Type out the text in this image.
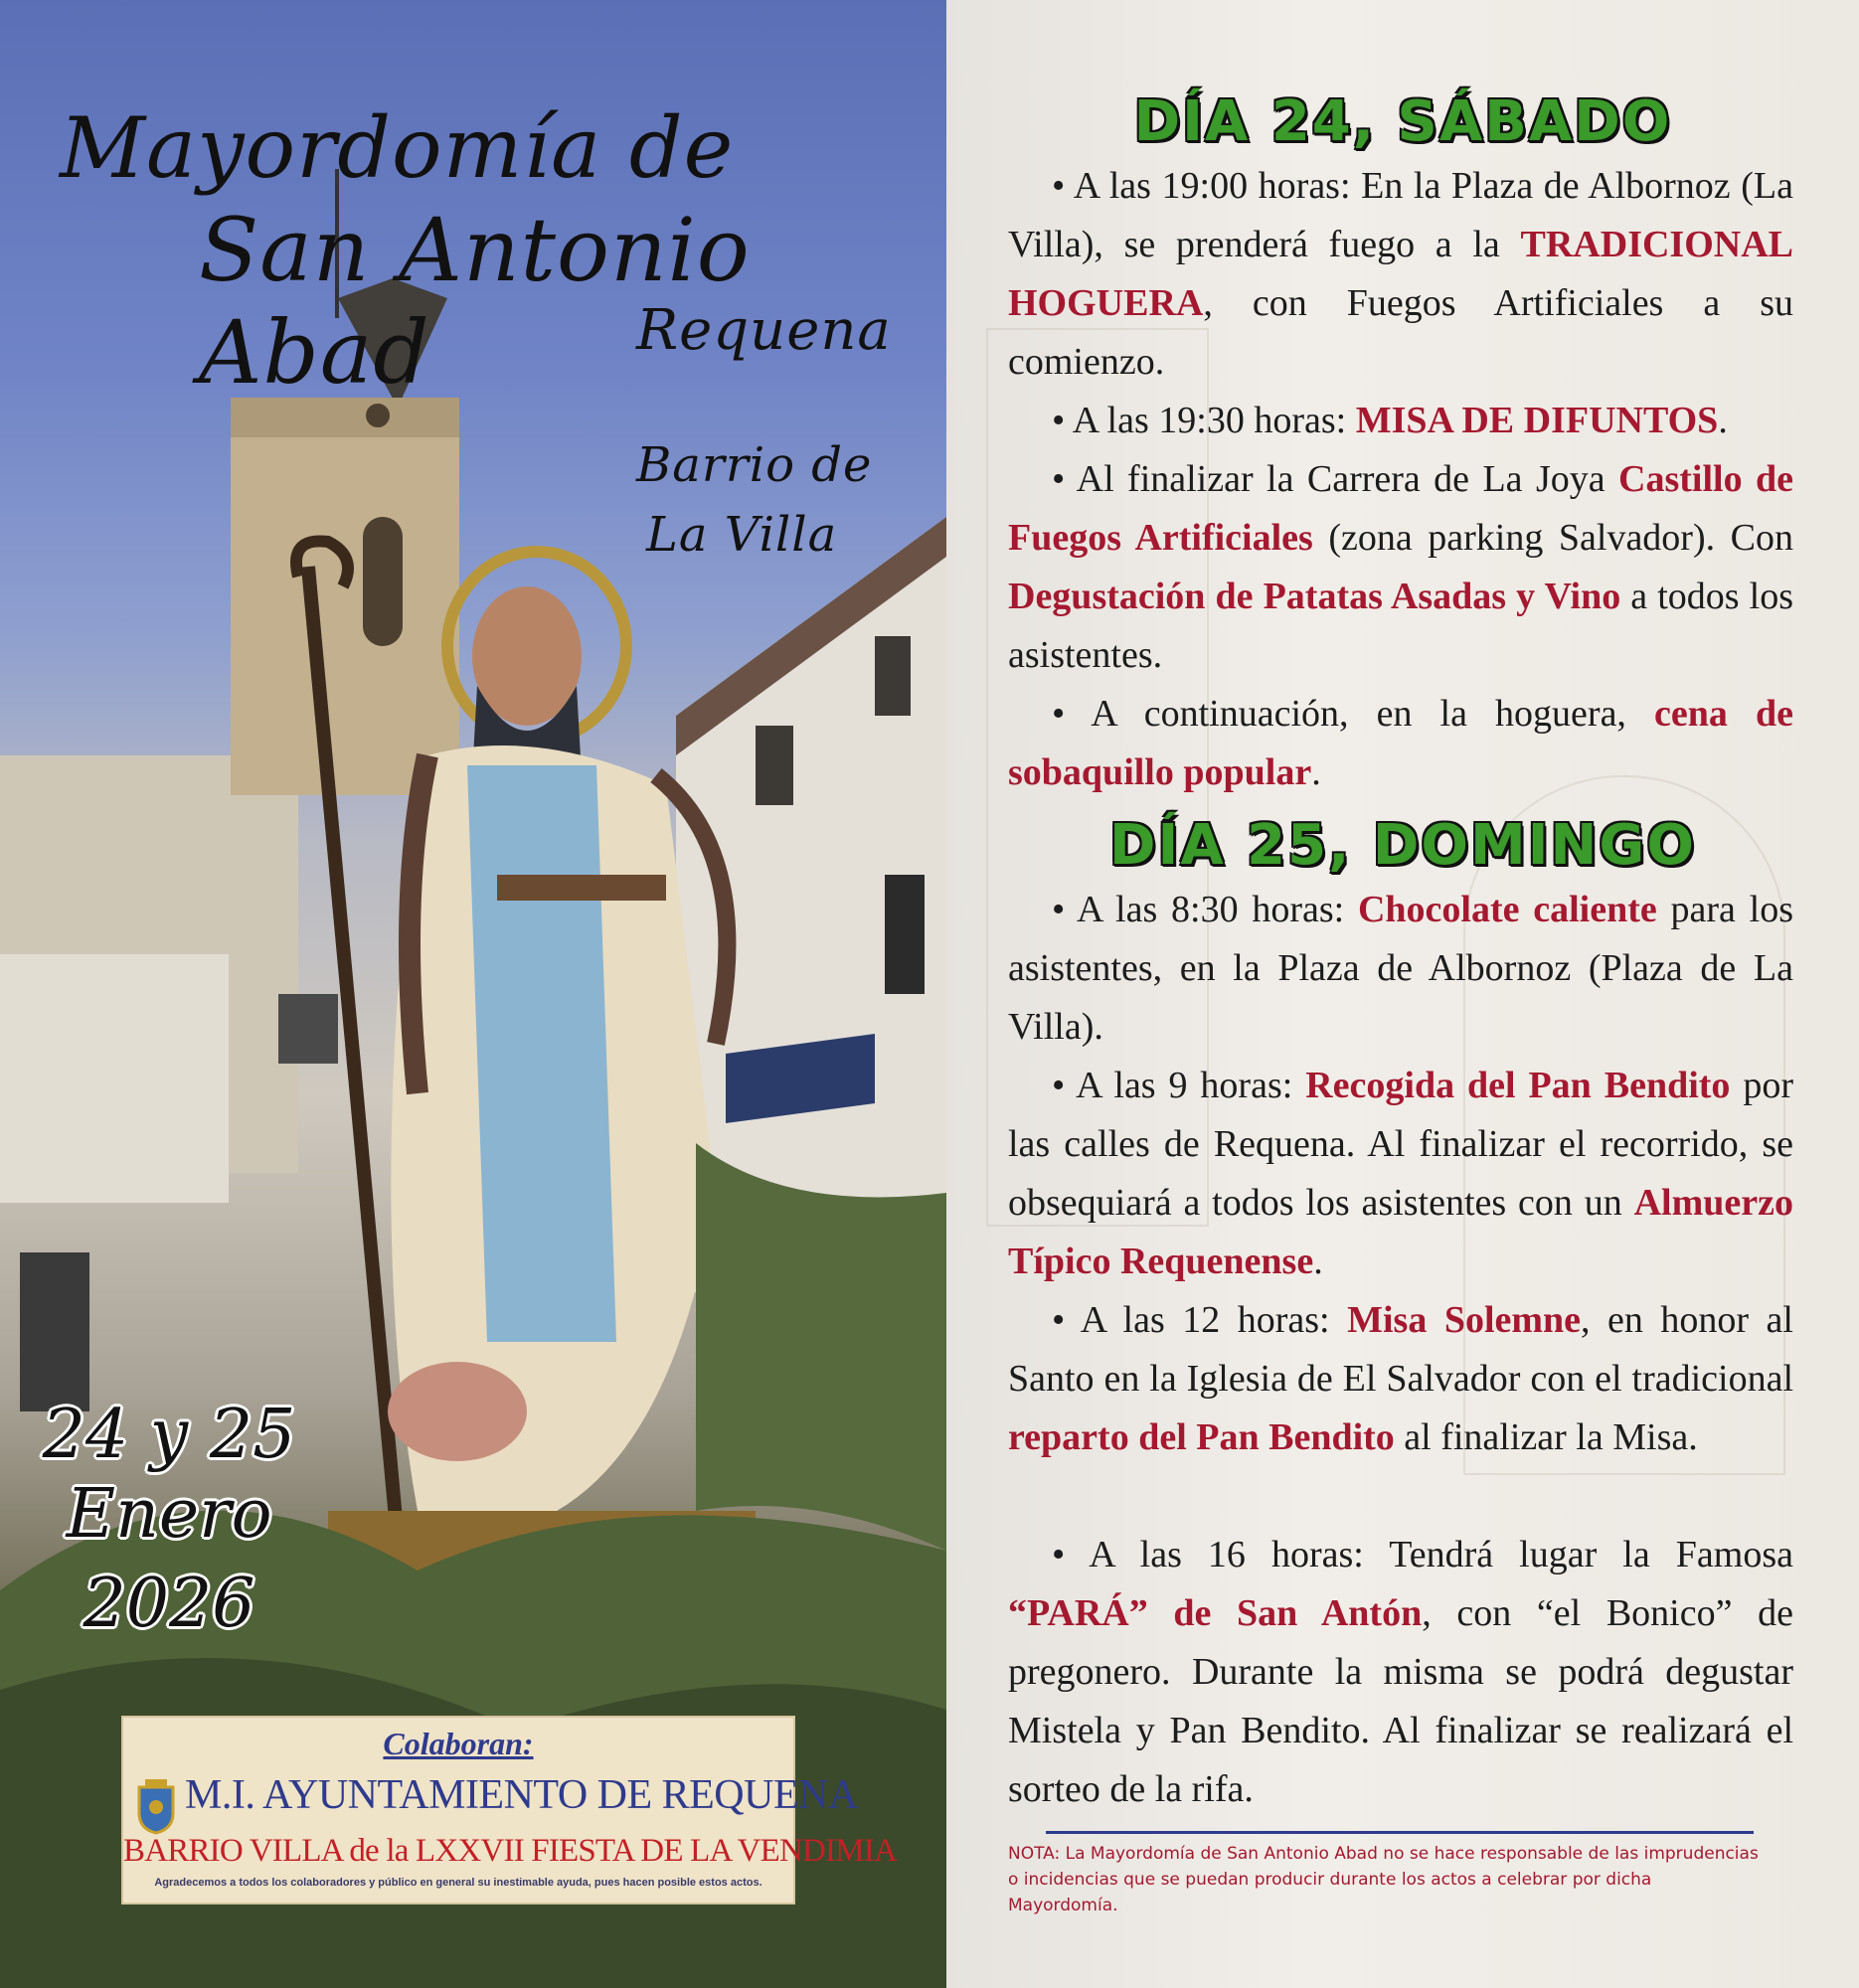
Mayordomía de
San Antonio Abad	Requena
Barrio de
La Villa
24 y 25
Enero
2026
Colaboran:
M.I. AYUNTAMIENTO DE REQUENA
BARRIO VILLA de la LXXVII FIESTA DE LA VENDIMIA
Agradecemos a todos los colaboradores y público en general su inestimable ayuda, pues hacen posible estos actos.
DÍA 24, SÁBADO
• A las 19:00 horas: En la Plaza de Albornoz (La Villa), se prenderá fuego a la TRADICIONAL HOGUERA, con Fuegos Artificiales a su comienzo.
• A las 19:30 horas: MISA DE DIFUNTOS.
• Al finalizar la Carrera de La Joya Castillo de Fuegos Artificiales (zona parking Salvador). Con Degustación de Patatas Asadas y Vino a todos los asistentes.
• A continuación, en la hoguera, cena de sobaquillo popular.
DÍA 25, DOMINGO
• A las 8:30 horas: Chocolate caliente para los asistentes, en la Plaza de Albornoz (Plaza de La Villa).
• A las 9 horas: Recogida del Pan Bendito por las calles de Requena. Al finalizar el recorrido, se obsequiará a todos los asistentes con un Almuerzo Típico Requenense.
• A las 12 horas: Misa Solemne, en honor al Santo en la Iglesia de El Salvador con el tradicional reparto del Pan Bendito al finalizar la Misa.
• A las 16 horas: Tendrá lugar la Famosa “PARÁ” de San Antón, con “el Bonico” de pregonero. Durante la misma se podrá degustar Mistela y Pan Bendito. Al finalizar se realizará el sorteo de la rifa.
NOTA: La Mayordomía de San Antonio Abad no se hace responsable de las imprudencias o incidencias que se puedan producir durante los actos a celebrar por dicha Mayordomía.
